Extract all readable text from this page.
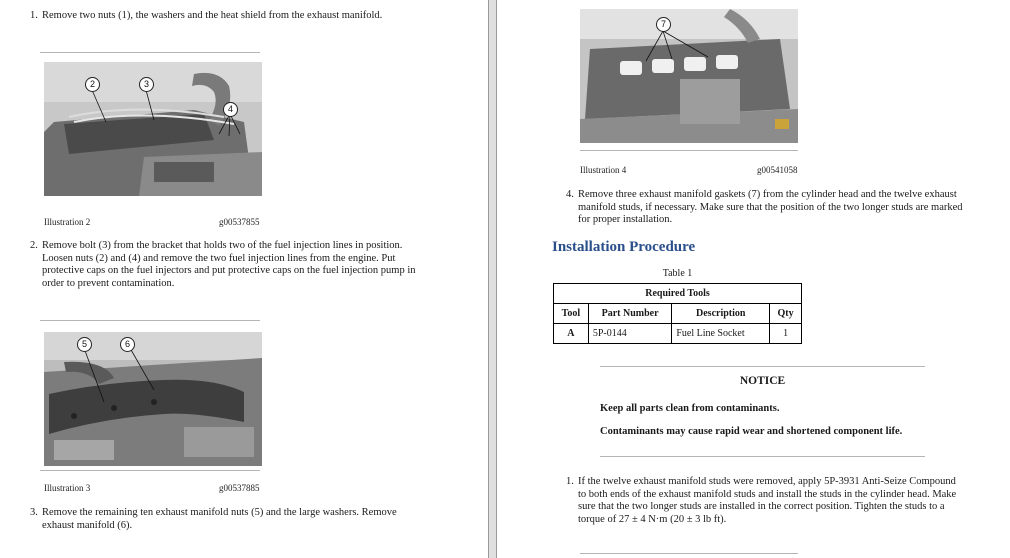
1. Remove two nuts (1), the washers and the heat shield from the exhaust manifold.
2	3
4
Illustration 2	g00537855
2. Remove bolt (3) from the bracket that holds two of the fuel injection lines in position.
Loosen nuts (2) and (4) and remove the two fuel injection lines from the engine. Put
protective caps on the fuel injectors and put protective caps on the fuel injection pump in
order to prevent contamination.
5	6
Illustration 3	g00537885
3. Remove the remaining ten exhaust manifold nuts (5) and the large washers. Remove
exhaust manifold (6).
7
Illustration 4	g00541058
4. Remove three exhaust manifold gaskets (7) from the cylinder head and the twelve exhaust
manifold studs, if necessary. Make sure that the position of the two longer studs are marked
for proper installation.
Installation Procedure
Table 1
Required Tools			
Tool	Part Number	Description	Qty
A	5P-0144	Fuel Line Socket	1
NOTICE
Keep all parts clean from contaminants.
Contaminants may cause rapid wear and shortened component life.
1. If the twelve exhaust manifold studs were removed, apply 5P-3931 Anti-Seize Compound
to both ends of the exhaust manifold studs and install the studs in the cylinder head. Make
sure that the two longer studs are installed in the correct position. Tighten the studs to a
torque of 27 ± 4 N·m (20 ± 3 lb ft).
